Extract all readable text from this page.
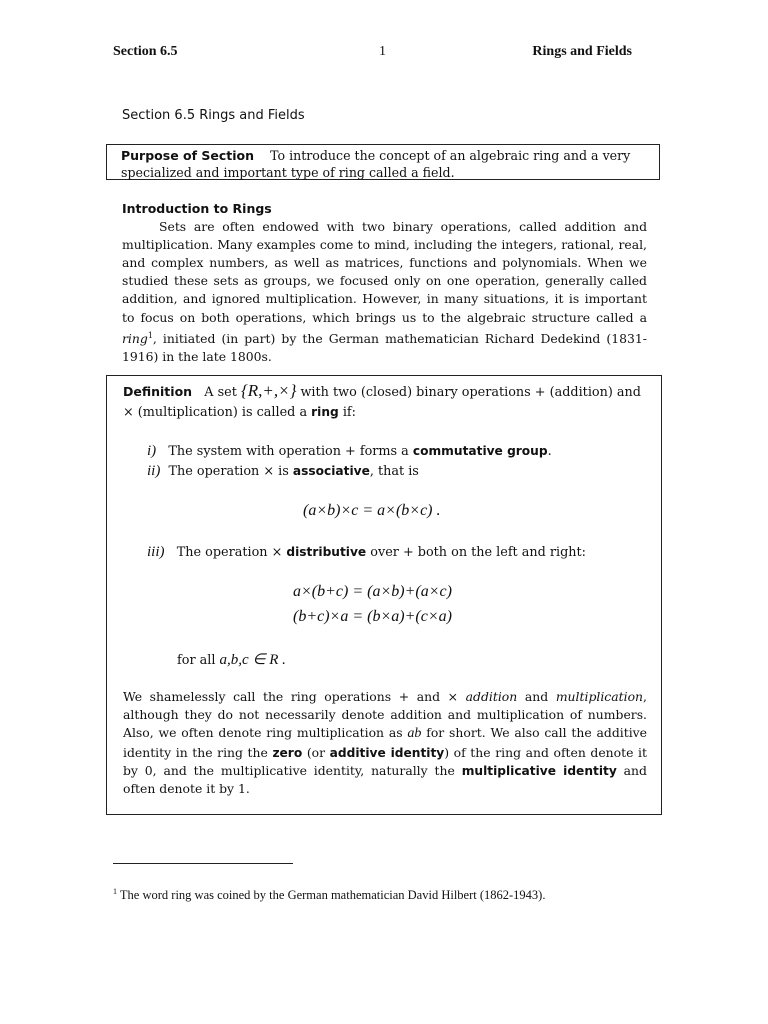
Section 6.5	1	Rings and Fields
Section 6.5 Rings and Fields
Purpose of Section To introduce the concept of an algebraic ring and a very specialized and important type of ring called a field.
Introduction to Rings

Sets are often endowed with two binary operations, called addition and multiplication. Many examples come to mind, including the integers, rational, real, and complex numbers, as well as matrices, functions and polynomials. When we studied these sets as groups, we focused only on one operation, generally called addition, and ignored multiplication. However, in many situations, it is important to focus on both operations, which brings us to the algebraic structure called a ring$^1$, initiated (in part) by the German mathematician Richard Dedekind (1831-1916) in the late 1800s.

Definition A set {R,+,×} with two (closed) binary operations + (addition) and
× (multiplication) is called a ring if:
i) The system with operation + forms a commutative group.
ii) The operation × is associative, that is
(a×b)×c = a×(b×c) .
iii) The operation × distributive over + both on the left and right:
a×(b+c) = (a×b)+(a×c)
(b+c)×a = (b×a)+(c×a)
for all a,b,c ∈ R .

We shamelessly call the ring operations + and × addition and multiplication, although they do not necessarily denote addition and multiplication of numbers. Also, we often denote ring multiplication as ab for short. We also call the additive identity in the ring the zero (or additive identity) of the ring and often denote it by 0, and the multiplicative identity, naturally the multiplicative identity and often denote it by 1.

$^1$ The word ring was coined by the German mathematician David Hilbert (1862-1943).
